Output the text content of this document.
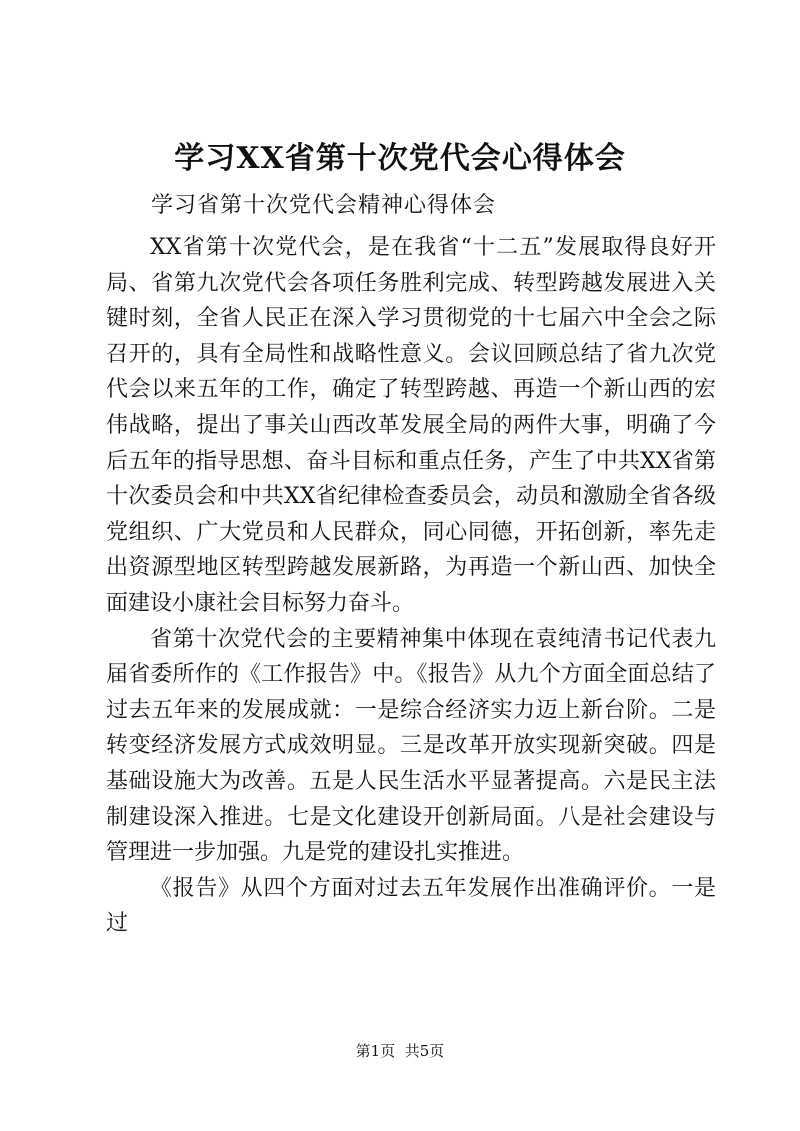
学习XX省第十次党代会心得体会
学习省第十次党代会精神心得体会

XX省第十次党代会，是在我省“十二五”发展取得良好开局、省第九次党代会各项任务胜利完成、转型跨越发展进入关键时刻，全省人民正在深入学习贯彻党的十七届六中全会之际召开的，具有全局性和战略性意义。会议回顾总结了省九次党代会以来五年的工作，确定了转型跨越、再造一个新山西的宏伟战略，提出了事关山西改革发展全局的两件大事，明确了今后五年的指导思想、奋斗目标和重点任务，产生了中共XX省第十次委员会和中共XX省纪律检查委员会，动员和激励全省各级党组织、广大党员和人民群众，同心同德，开拓创新，率先走出资源型地区转型跨越发展新路，为再造一个新山西、加快全面建设小康社会目标努力奋斗。

省第十次党代会的主要精神集中体现在袁纯清书记代表九届省委所作的《工作报告》中。《报告》从九个方面全面总结了过去五年来的发展成就：一是综合经济实力迈上新台阶。二是转变经济发展方式成效明显。三是改革开放实现新突破。四是基础设施大为改善。五是人民生活水平显著提高。六是民主法制建设深入推进。七是文化建设开创新局面。八是社会建设与管理进一步加强。九是党的建设扎实推进。

《报告》从四个方面对过去五年发展作出准确评价。一是过

第1页 共5页
